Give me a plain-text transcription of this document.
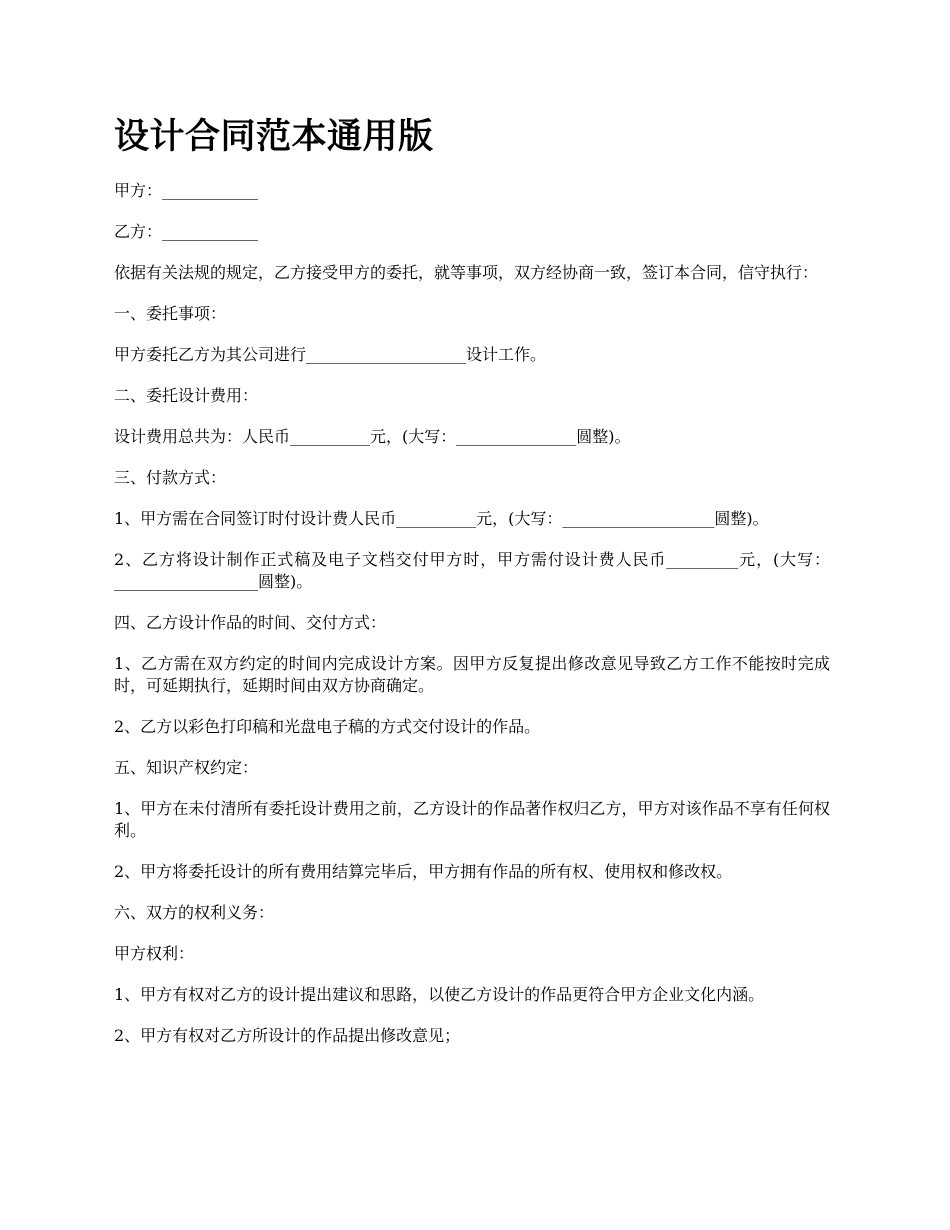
设计合同范本通用版

甲方：____________

乙方：____________

依据有关法规的规定，乙方接受甲方的委托，就等事项，双方经协商一致，签订本合同，信守执行：

一、委托事项：

甲方委托乙方为其公司进行____________________设计工作。

二、委托设计费用：

设计费用总共为：人民币__________元，(大写：_______________圆整)。

三、付款方式：

1、甲方需在合同签订时付设计费人民币__________元，(大写：___________________圆整)。

2、乙方将设计制作正式稿及电子文档交付甲方时，甲方需付设计费人民币_________元，(大写：__________________圆整)。

四、乙方设计作品的时间、交付方式：

1、乙方需在双方约定的时间内完成设计方案。因甲方反复提出修改意见导致乙方工作不能按时完成时，可延期执行，延期时间由双方协商确定。

2、乙方以彩色打印稿和光盘电子稿的方式交付设计的作品。

五、知识产权约定：

1、甲方在未付清所有委托设计费用之前，乙方设计的作品著作权归乙方，甲方对该作品不享有任何权利。

2、甲方将委托设计的所有费用结算完毕后，甲方拥有作品的所有权、使用权和修改权。

六、双方的权利义务：

甲方权利：

1、甲方有权对乙方的设计提出建议和思路，以使乙方设计的作品更符合甲方企业文化内涵。

2、甲方有权对乙方所设计的作品提出修改意见；
